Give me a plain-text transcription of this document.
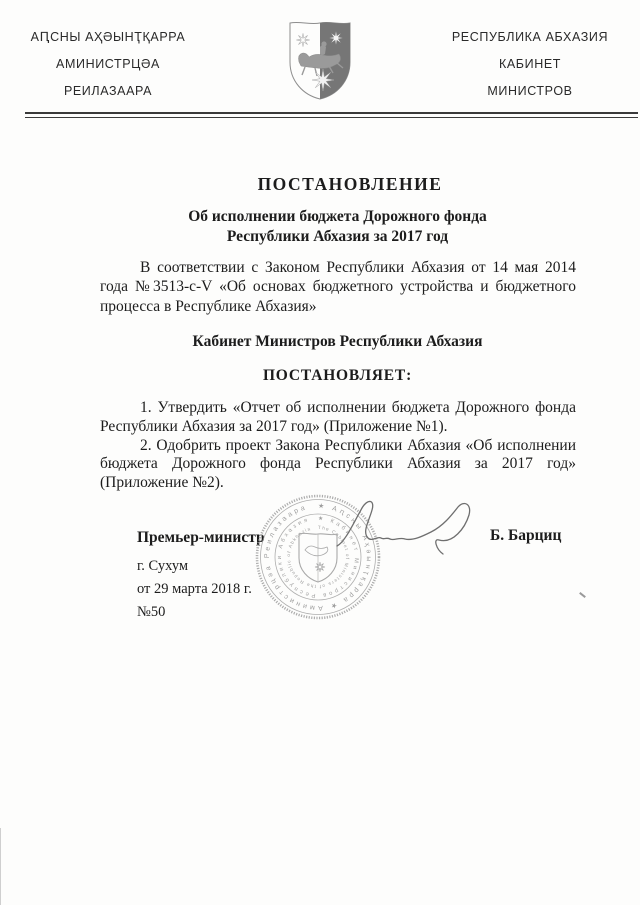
АԤСНЫ АҲӘЫНҬҚАРРА
АМИНИСТРЦӘА
РЕИЛАЗААРА
РЕСПУБЛИКА АБХАЗИЯ
КАБИНЕТ
МИНИСТРОВ
ПОСТАНОВЛЕНИЕ
Об исполнении бюджета Дорожного фонда
Республики Абхазия за 2017 год

В соответствии с Законом Республики Абхазия от 14 мая 2014 года №3513-с-V «Об основах бюджетного устройства и бюджетного процесса в Республике Абхазия»

Кабинет Министров Республики Абхазия
ПОСТАНОВЛЯЕТ:

1. Утвердить «Отчет об исполнении бюджета Дорожного фонда Республики Абхазия за 2017 год» (Приложение №1).

2. Одобрить проект Закона Республики Абхазия «Об исполнении бюджета Дорожного фонда Республики Абхазия за 2017 год» (Приложение №2).

Премьер-министр	Б. Барциц
г. Сухум
от 29 марта 2018 г.
№50
★ Аԥсны Аҳәынҭқарра ★ Аминистрцәа Реилазаара
★ Кабинет Министров Республики Абхазия
The Cabinet of Ministers of the Republic of Abkhazia
